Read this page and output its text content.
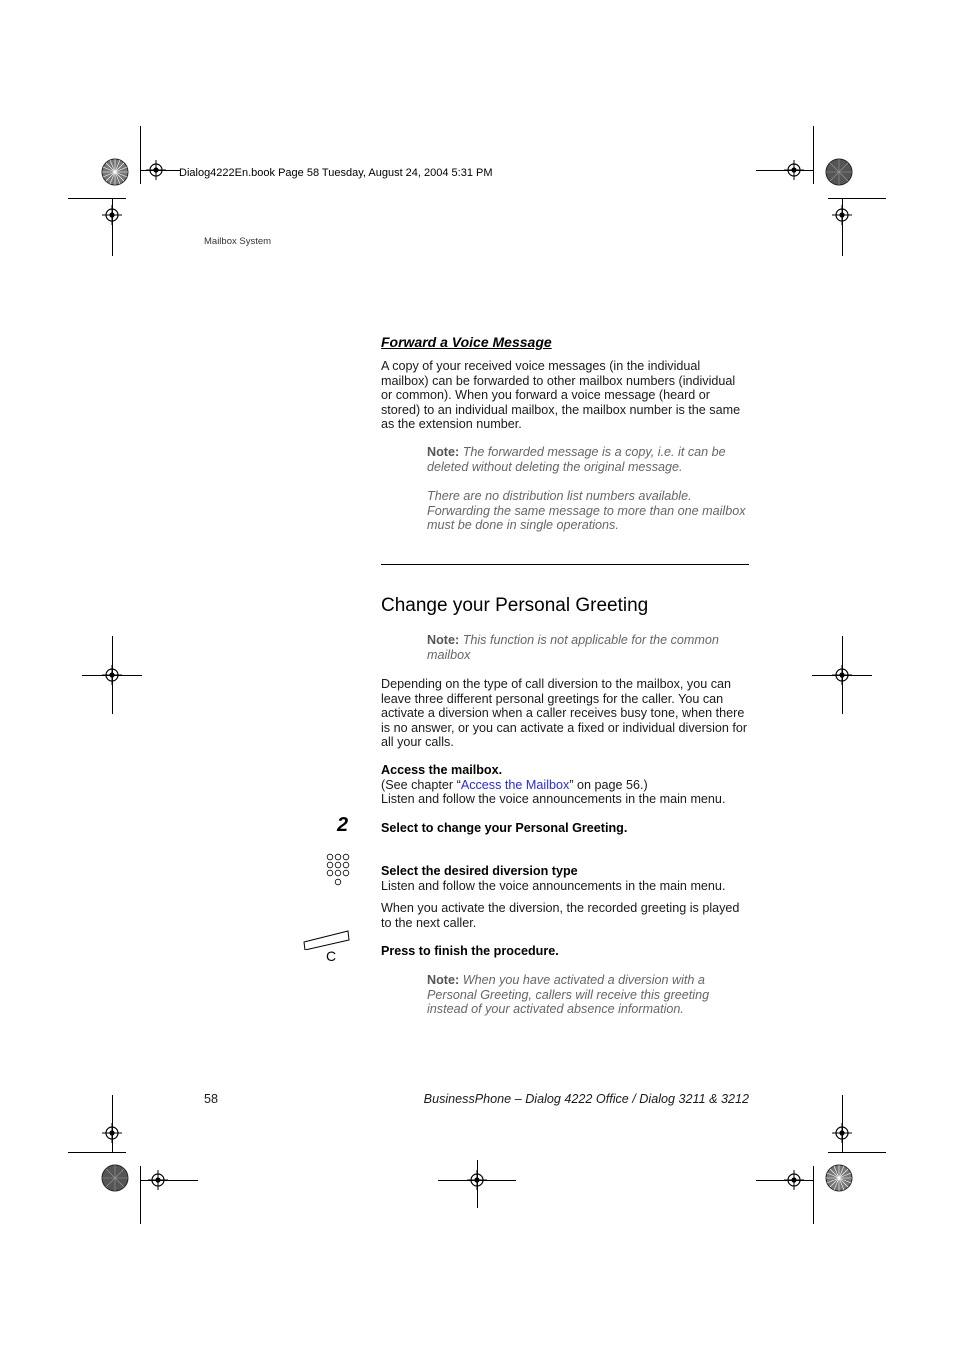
Dialog4222En.book Page 58 Tuesday, August 24, 2004 5:31 PM
Mailbox System
Forward a Voice Message
A copy of your received voice messages (in the individual mailbox) can be forwarded to other mailbox numbers (individual or common). When you forward a voice message (heard or stored) to an individual mailbox, the mailbox number is the same as the extension number.
Note: The forwarded message is a copy, i.e. it can be deleted without deleting the original message.
There are no distribution list numbers available. Forwarding the same message to more than one mailbox must be done in single operations.
Change your Personal Greeting
Note: This function is not applicable for the common mailbox
Depending on the type of call diversion to the mailbox, you can leave three different personal greetings for the caller. You can activate a diversion when a caller receives busy tone, when there is no answer, or you can activate a fixed or individual diversion for all your calls.
Access the mailbox.
(See chapter “Access the Mailbox” on page 56.)
Listen and follow the voice announcements in the main menu.
2	Select to change your Personal Greeting.
Select the desired diversion type
Listen and follow the voice announcements in the main menu.
When you activate the diversion, the recorded greeting is played to the next caller.
C	Press to finish the procedure.
Note: When you have activated a diversion with a Personal Greeting, callers will receive this greeting instead of your activated absence information.
58	BusinessPhone – Dialog 4222 Office / Dialog 3211 & 3212
